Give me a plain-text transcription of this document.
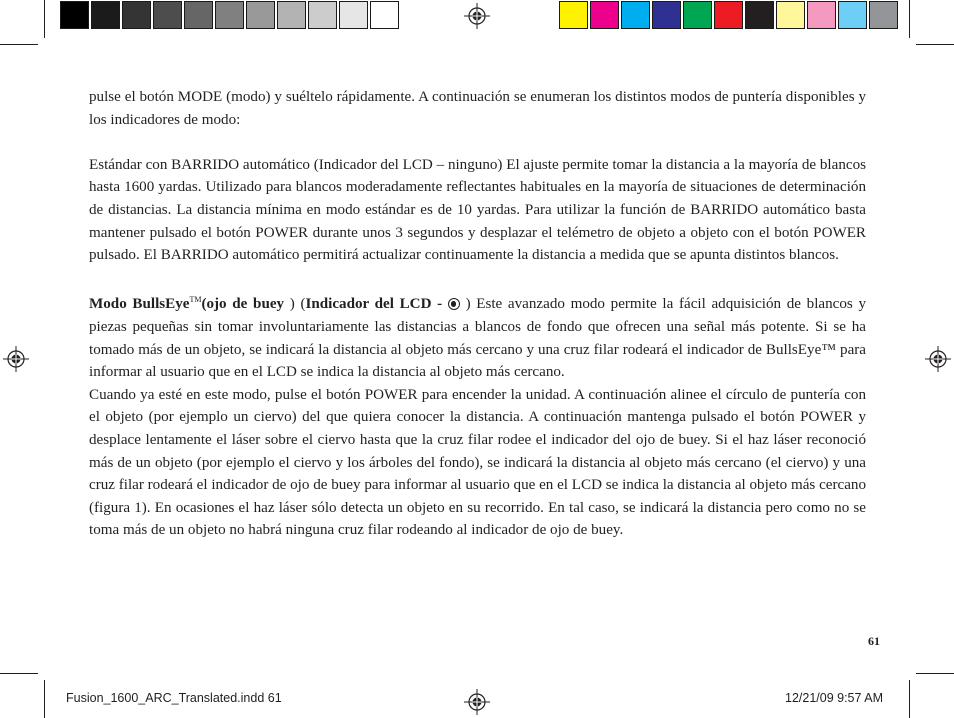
pulse el botón MODE (modo) y suéltelo rápidamente. A continuación se enumeran los distintos modos de puntería disponibles y los indicadores de modo:

Estándar con BARRIDO automático (Indicador del LCD – ninguno) El ajuste permite tomar la distancia a la mayoría de blancos hasta 1600 yardas. Utilizado para blancos moderadamente reflectantes habituales en la mayoría de situaciones de determinación de distancias. La distancia mínima en modo estándar es de 10 yardas. Para utilizar la función de BARRIDO automático basta mantener pulsado el botón POWER durante unos 3 segundos y desplazar el telémetro de objeto a objeto con el botón POWER pulsado. El BARRIDO automático permitirá actualizar continuamente la distancia a medida que se apunta distintos blancos.

Modo BullsEye™(ojo de buey ) (Indicador del LCD - ) Este avanzado modo permite la fácil adquisición de blancos y piezas pequeñas sin tomar involuntariamente las distancias a blancos de fondo que ofrecen una señal más potente. Si se ha tomado más de un objeto, se indicará la distancia al objeto más cercano y una cruz filar rodeará el indicador de BullsEye™ para informar al usuario que en el LCD se indica la distancia al objeto más cercano.

Cuando ya esté en este modo, pulse el botón POWER para encender la unidad. A continuación alinee el círculo de puntería con el objeto (por ejemplo un ciervo) del que quiera conocer la distancia. A continuación mantenga pulsado el botón POWER y desplace lentamente el láser sobre el ciervo hasta que la cruz filar rodee el indicador del ojo de buey. Si el haz láser reconoció más de un objeto (por ejemplo el ciervo y los árboles del fondo), se indicará la distancia al objeto más cercano (el ciervo) y una cruz filar rodeará el indicador de ojo de buey para informar al usuario que en el LCD se indica la distancia al objeto más cercano (figura 1). En ocasiones el haz láser sólo detecta un objeto en su recorrido. En tal caso, se indicará la distancia pero como no se toma más de un objeto no habrá ninguna cruz filar rodeando al indicador de ojo de buey.

61
Fusion_1600_ARC_Translated.indd 61	12/21/09 9:57 AM
